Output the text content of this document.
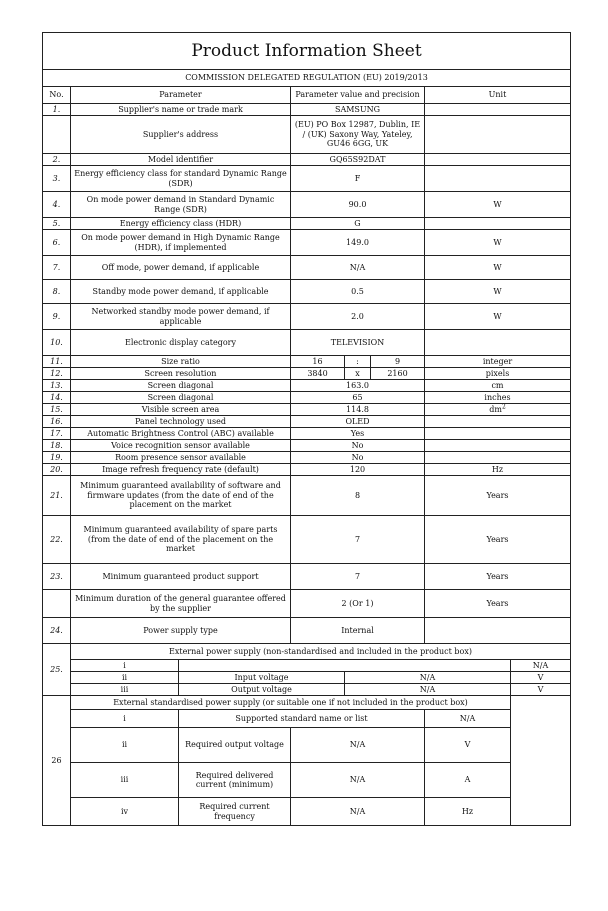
Product Information Sheet								
COMMISSION DELEGATED REGULATION (EU) 2019/2013								
No.	Parameter		Parameter value and precision			Unit		
1.	Supplier's name or trade mark		SAMSUNG					
	Supplier's address		(EU) PO Box 12987, Dublin, IE / (UK) Saxony Way, Yateley, GU46 6GG, UK					
2.	Model identifier		GQ65S92DAT					
3.	Energy efficiency class for standard Dynamic Range (SDR)		F					
4.	On mode power demand in Standard Dynamic Range (SDR)		90.0			W		
5.	Energy efficiency class (HDR)		G					
6.	On mode power demand in High Dynamic Range (HDR), if implemented		149.0			W		
7.	Off mode, power demand, if applicable		N/A			W		
8.	Standby mode power demand, if applicable		0.5			W		
9.	Networked standby mode power demand, if applicable		2.0			W		
10.	Electronic display category		TELEVISION					
11.	Size ratio		16	:	9	integer		
12.	Screen resolution		3840	x	2160	pixels		
13.	Screen diagonal		163.0			cm		
14.	Screen diagonal		65			inches		
15.	Visible screen area		114.8			$dm^2$
16.	Panel technology used		OLED					
17.	Automatic Brightness Control (ABC) available		Yes					
18.	Voice recognition sensor available		No					
19.	Room presence sensor available		No					
20.	Image refresh frequency rate (default)		120			Hz		
21.	Minimum guaranteed availability of software and firmware updates (from the date of end of the placement on the market		8			Years		
22.	Minimum guaranteed availability of spare parts (from the date of end of the placement on the market		7			Years		
23.	Minimum guaranteed product support		7			Years		
	Minimum duration of the general guarantee offered by the supplier		2 (Or 1)			Years		
24.	Power supply type		Internal					
25.	External power supply (non-standardised and included in the product box)							
	i						N/A	
	ii	Input voltage		N/A			V	
	iii	Output voltage		N/A			V	
26	External standardised power supply (or suitable one if not included in the product box)							
	i	Supported standard name or list				N/A		
	ii	Required output voltage	N/A			V		
	iii	Required delivered current (minimum)	N/A			A		
	iv	Required current frequency	N/A			Hz		
